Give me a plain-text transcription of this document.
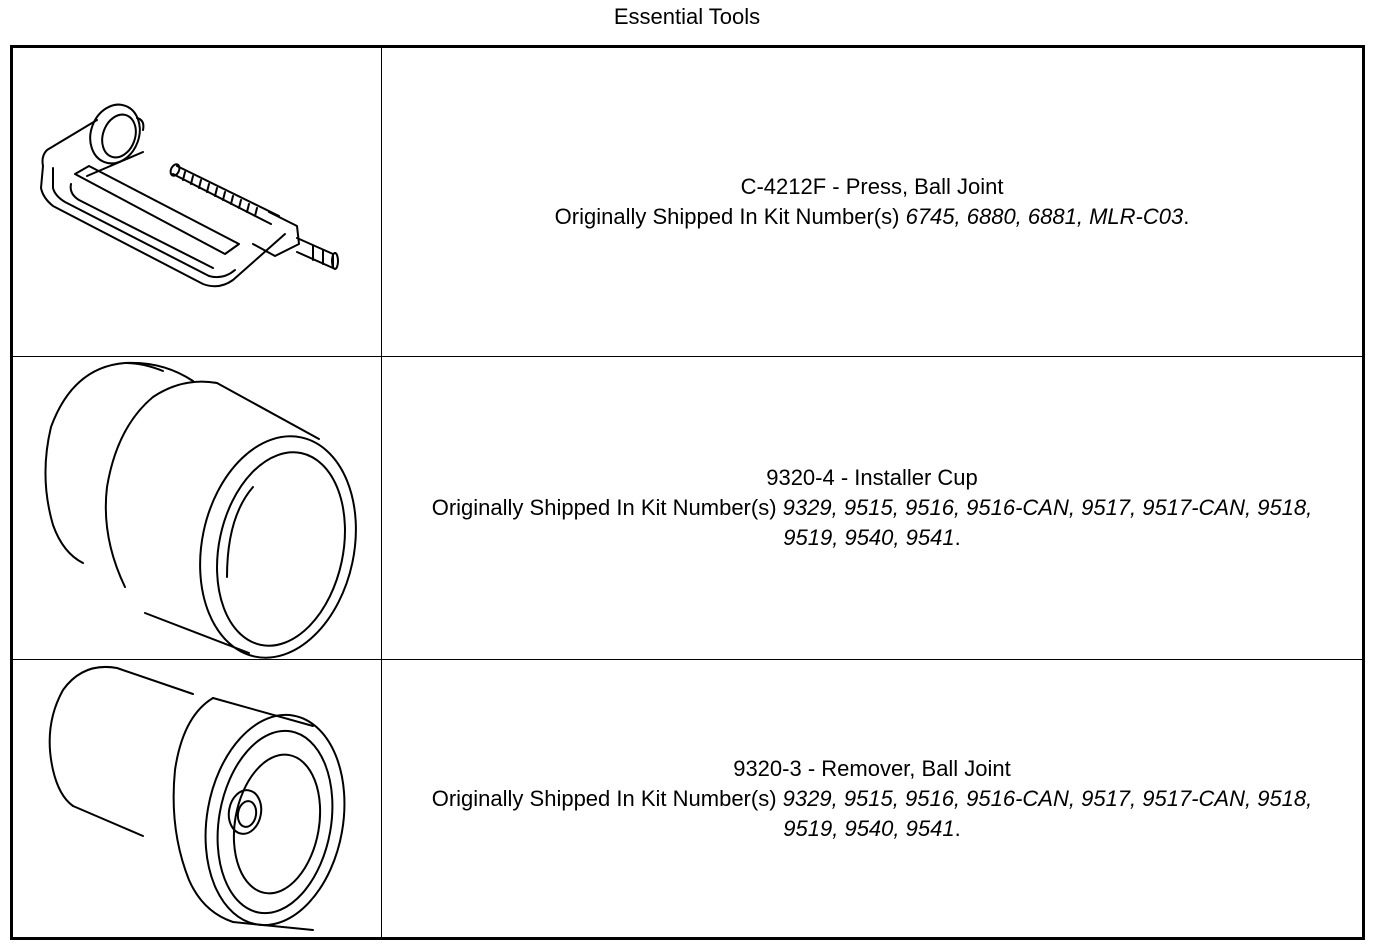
Essential Tools
C-4212F - Press, Ball Joint
Originally Shipped In Kit Number(s) 6745, 6880, 6881, MLR-C03.
9320-4 - Installer Cup
Originally Shipped In Kit Number(s) 9329, 9515, 9516, 9516-CAN, 9517, 9517-CAN, 9518, 9519, 9540, 9541.
9320-3 - Remover, Ball Joint
Originally Shipped In Kit Number(s) 9329, 9515, 9516, 9516-CAN, 9517, 9517-CAN, 9518, 9519, 9540, 9541.
